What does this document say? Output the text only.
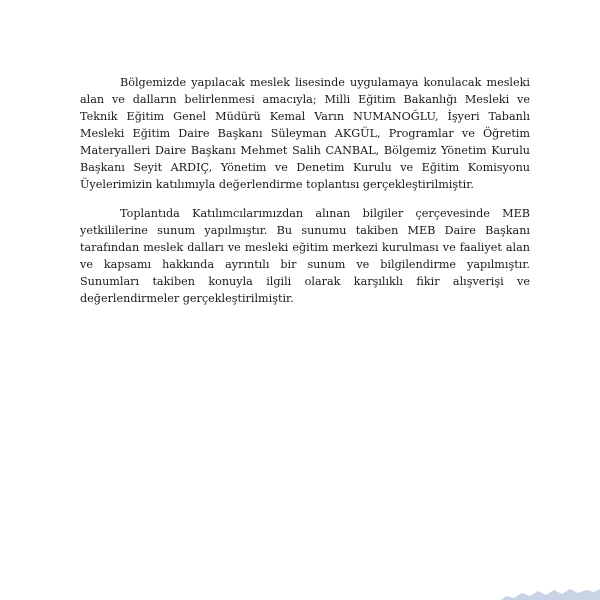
Bölgemizde yapılacak meslek lisesinde uygulamaya konulacak mesleki alan ve dalların belirlenmesi amacıyla; Milli Eğitim Bakanlığı Mesleki ve Teknik Eğitim Genel Müdürü Kemal Varın NUMANOĞLU, İşyeri Tabanlı Mesleki Eğitim Daire Başkanı Süleyman AKGÜL, Programlar ve Öğretim Materyalleri Daire Başkanı Mehmet Salih CANBAL, Bölgemiz Yönetim Kurulu Başkanı Seyit ARDIÇ, Yönetim ve Denetim Kurulu ve Eğitim Komisyonu Üyelerimizin katılımıyla değerlendirme toplantısı gerçekleştirilmiştir.

Toplantıda Katılımcılarımızdan alınan bilgiler çerçevesinde MEB yetkililerine sunum yapılmıştır. Bu sunumu takiben MEB Daire Başkanı tarafından meslek dalları ve mesleki eğitim merkezi kurulması ve faaliyet alan ve kapsamı hakkında ayrıntılı bir sunum ve bilgilendirme yapılmıştır. Sunumları takiben konuyla ilgili olarak karşılıklı fikir alışverişi ve değerlendirmeler gerçekleştirilmiştir.
